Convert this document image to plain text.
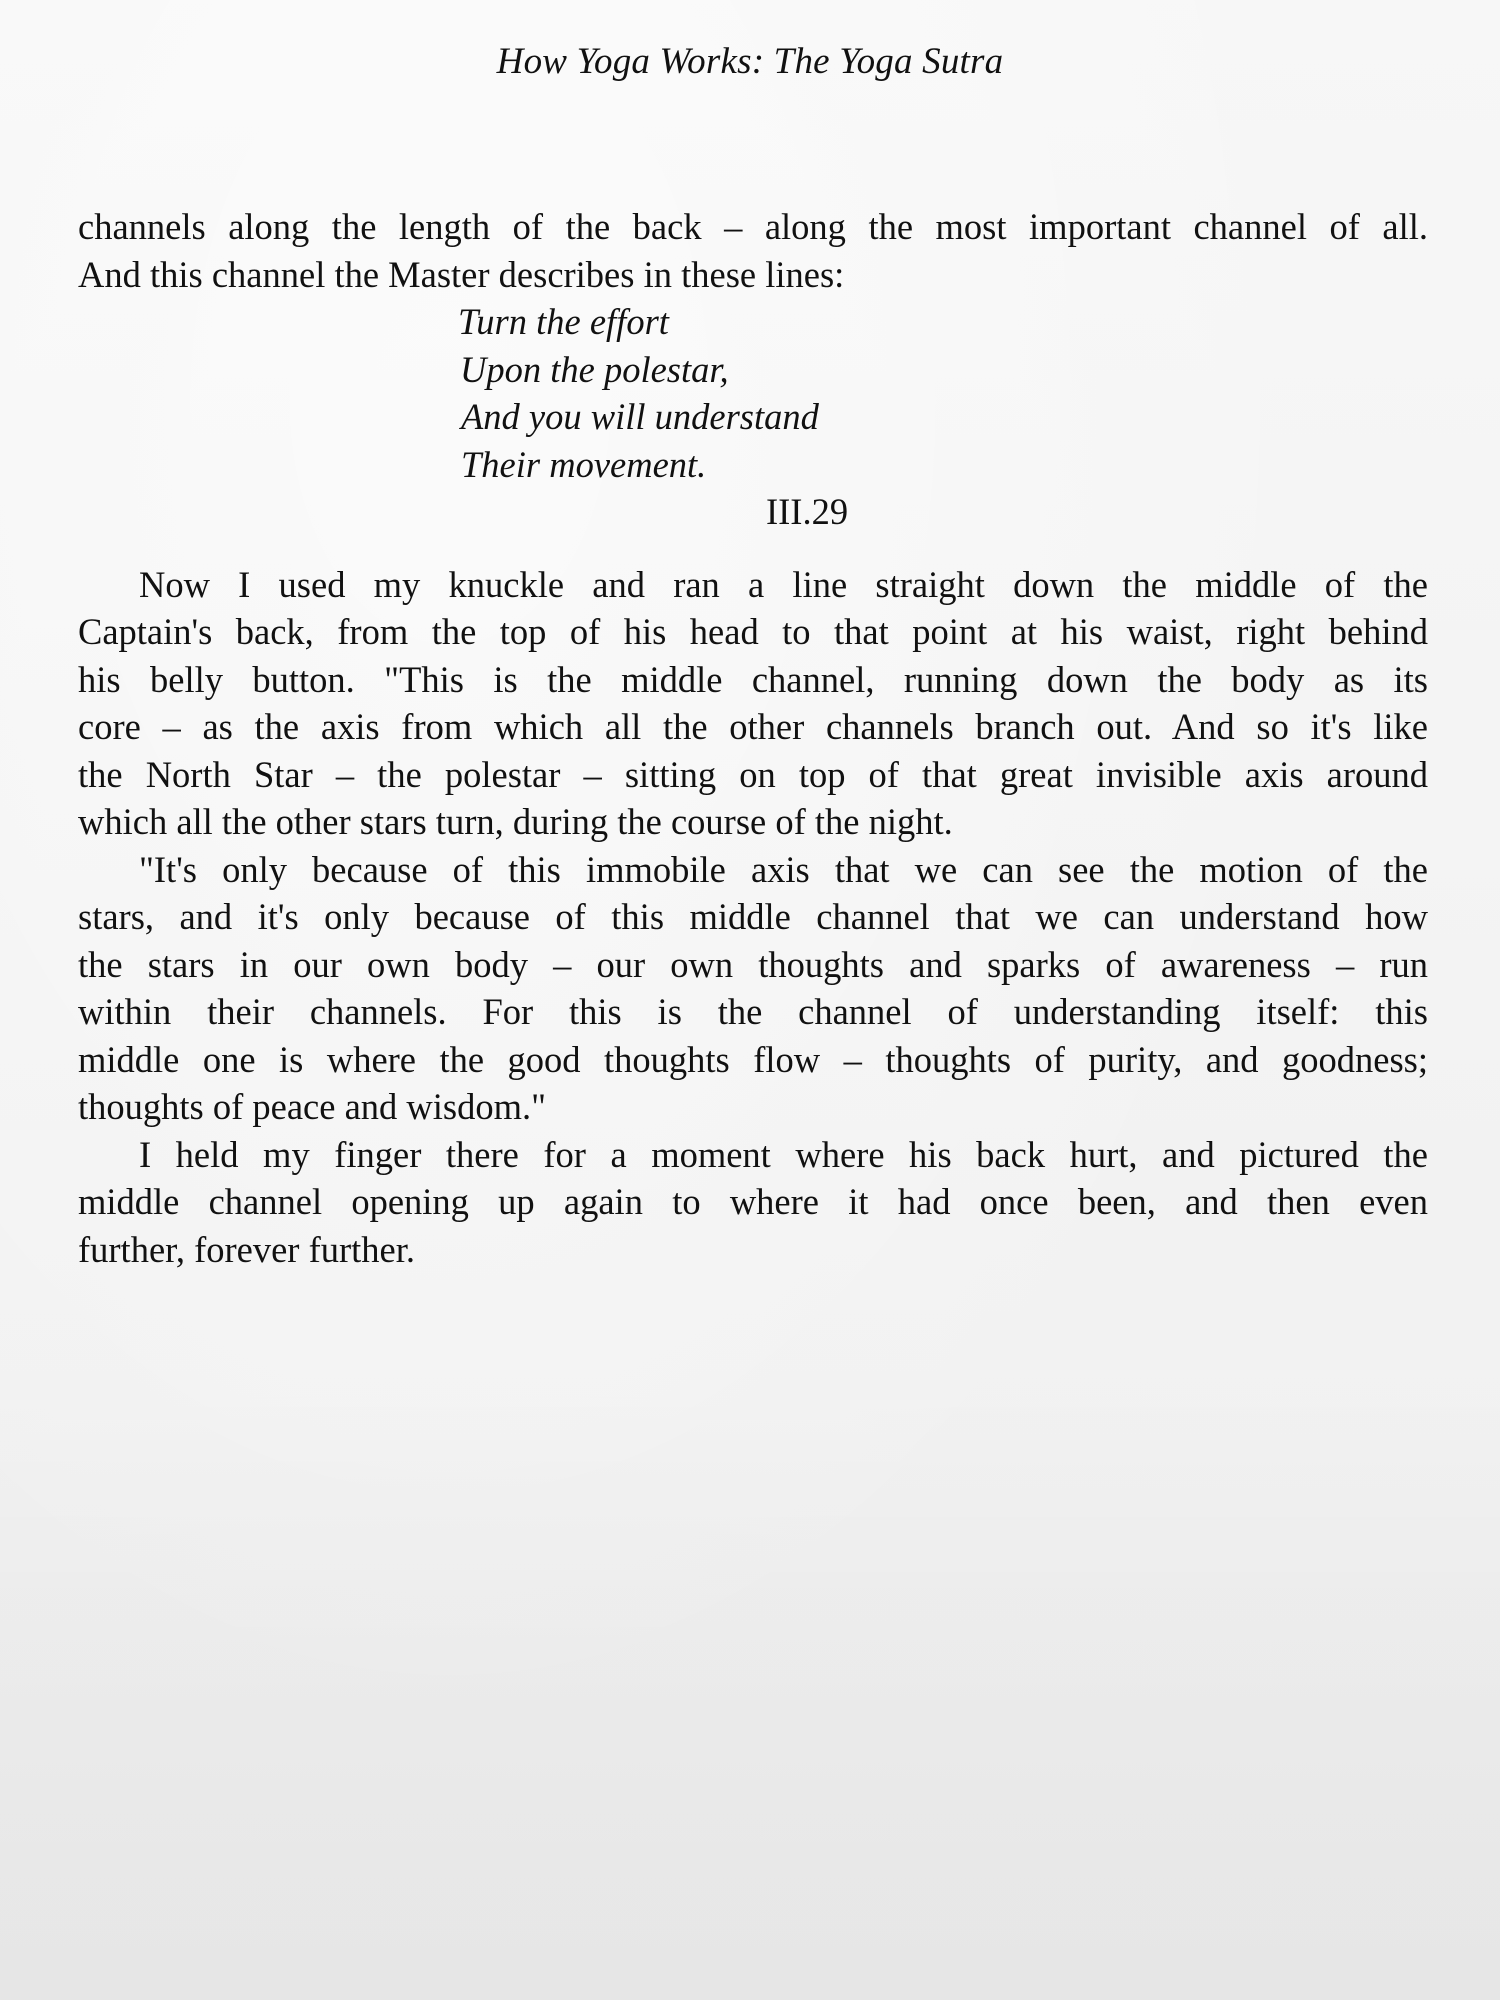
How Yoga Works: The Yoga Sutra
channels along the length of the back – along the most important channel of all.
And this channel the Master describes in these lines:
Turn the effort
Upon the polestar,
And you will understand
Their movement.
III.29
Now I used my knuckle and ran a line straight down the middle of the
Captain's back, from the top of his head to that point at his waist, right behind
his belly button. "This is the middle channel, running down the body as its
core – as the axis from which all the other channels branch out. And so it's like
the North Star – the polestar – sitting on top of that great invisible axis around
which all the other stars turn, during the course of the night.
"It's only because of this immobile axis that we can see the motion of the
stars, and it's only because of this middle channel that we can understand how
the stars in our own body – our own thoughts and sparks of awareness – run
within their channels. For this is the channel of understanding itself: this
middle one is where the good thoughts flow – thoughts of purity, and goodness;
thoughts of peace and wisdom."
I held my finger there for a moment where his back hurt, and pictured the
middle channel opening up again to where it had once been, and then even
further, forever further.
